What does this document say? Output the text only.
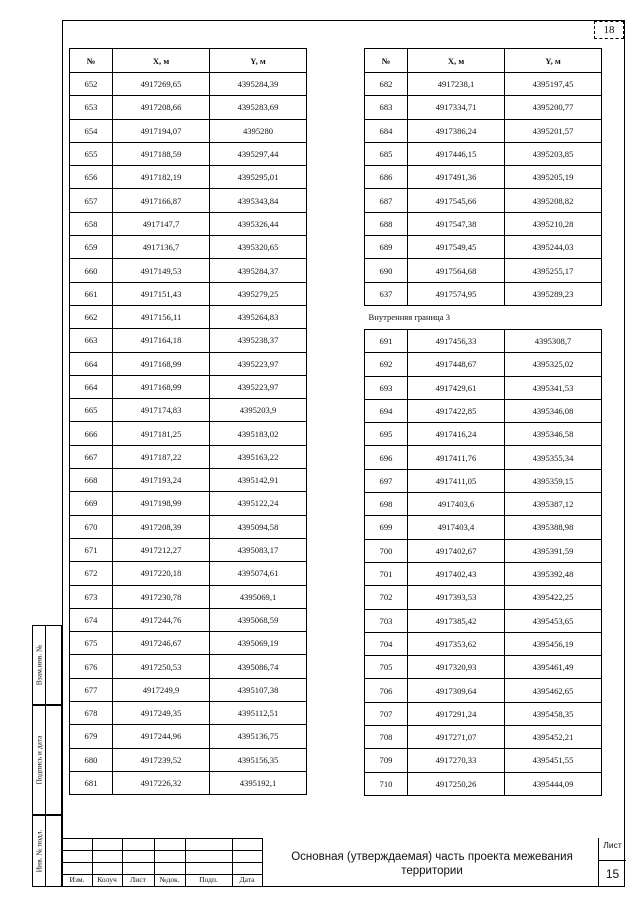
18
№	X, м	Y, м
652	4917269,65	4395284,39
653	4917208,66	4395283,69
654	4917194,07	4395280
655	4917188,59	4395297,44
656	4917182,19	4395295,01
657	4917166,87	4395343,84
658	4917147,7	4395326,44
659	4917136,7	4395320,65
660	4917149,53	4395284,37
661	4917151,43	4395279,25
662	4917156,11	4395264,83
663	4917164,18	4395238,37
664	4917168,99	4395223,97
664	4917168,99	4395223,97
665	4917174,83	4395203,9
666	4917181,25	4395183,02
667	4917187,22	4395163,22
668	4917193,24	4395142,91
669	4917198,99	4395122,24
670	4917208,39	4395094,58
671	4917212,27	4395083,17
672	4917220,18	4395074,61
673	4917230,78	4395069,1
674	4917244,76	4395068,59
675	4917246,67	4395069,19
676	4917250,53	4395086,74
677	4917249,9	4395107,38
678	4917249,35	4395112,51
679	4917244,96	4395136,75
680	4917239,52	4395156,35
681	4917226,32	4395192,1
№	X, м	Y, м
682	4917238,1	4395197,45
683	4917334,71	4395200,77
684	4917386,24	4395201,57
685	4917446,15	4395203,85
686	4917491,36	4395205,19
687	4917545,66	4395208,82
688	4917547,38	4395210,28
689	4917549,45	4395244,03
690	4917564,68	4395255,17
637	4917574,95	4395289,23
Внутренняя граница 3		
691	4917456,33	4395308,7
692	4917448,67	4395325,02
693	4917429,61	4395341,53
694	4917422,85	4395346,08
695	4917416,24	4395346,58
696	4917411,76	4395355,34
697	4917411,05	4395359,15
698	4917403,6	4395387,12
699	4917403,4	4395388,98
700	4917402,67	4395391,59
701	4917402,43	4395392,48
702	4917393,53	4395422,25
703	4917385,42	4395453,65
704	4917353,62	4395456,19
705	4917320,93	4395461,49
706	4917309,64	4395462,65
707	4917291,24	4395458,35
708	4917271,07	4395452,21
709	4917270,33	4395451,55
710	4917250,26	4395444,09
Взам.инв. №
Подпись и дата
Инв. № подл.
Изм.	Колуч	Лист	№док.	Подп.	Дата
Основная (утверждаемая) часть проекта межевания территории
Лист
15
